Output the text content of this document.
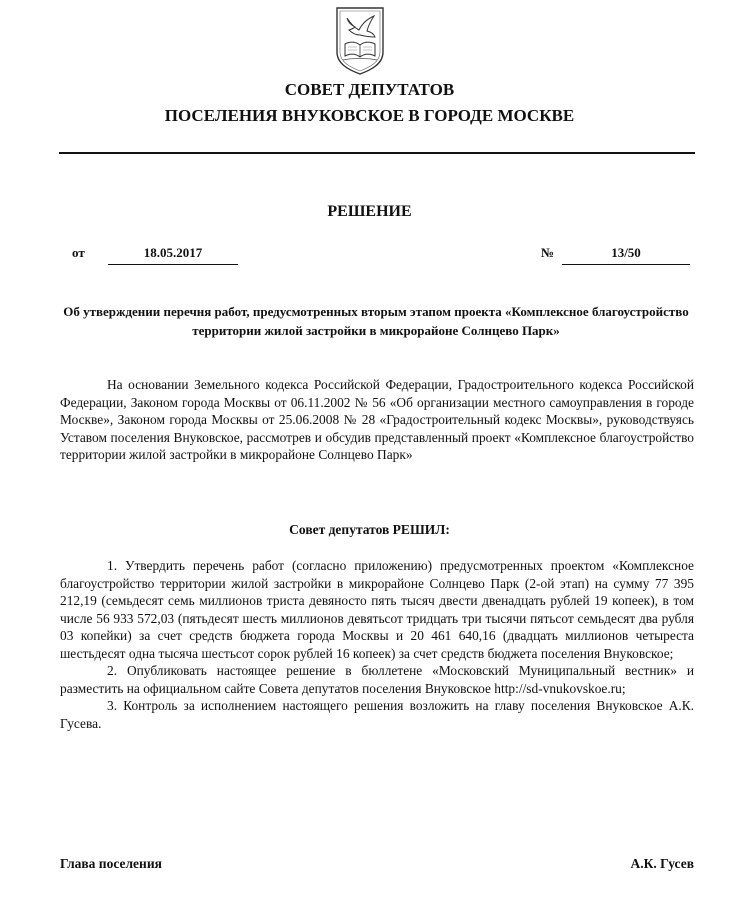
СОВЕТ ДЕПУТАТОВ
ПОСЕЛЕНИЯ ВНУКОВСКОЕ В ГОРОДЕ МОСКВЕ
РЕШЕНИЕ
от	18.05.2017	№	13/50
Об утверждении перечня работ, предусмотренных вторым этапом проекта «Комплексное благоустройство территории жилой застройки в микрорайоне Солнцево Парк»
На основании Земельного кодекса Российской Федерации, Градостроительного кодекса Российской Федерации, Законом города Москвы от 06.11.2002 № 56 «Об организации местного самоуправления в городе Москве», Законом города Москвы от 25.06.2008 № 28 «Градостроительный кодекс Москвы», руководствуясь Уставом поселения Внуковское, рассмотрев и обсудив представленный проект «Комплексное благоустройство территории жилой застройки в микрорайоне Солнцево Парк»
Совет депутатов РЕШИЛ:

1. Утвердить перечень работ (согласно приложению) предусмотренных проектом «Комплексное благоустройство территории жилой застройки в микрорайоне Солнцево Парк (2-ой этап) на сумму 77 395 212,19 (семьдесят семь миллионов триста девяносто пять тысяч двести двенадцать рублей 19 копеек), в том числе 56 933 572,03 (пятьдесят шесть миллионов девятьсот тридцать три тысячи пятьсот семьдесят два рубля 03 копейки) за счет средств бюджета города Москвы и 20 461 640,16 (двадцать миллионов четыреста шестьдесят одна тысяча шестьсот сорок рублей 16 копеек) за счет средств бюджета поселения Внуковское;

2. Опубликовать настоящее решение в бюллетене «Московский Муниципальный вестник» и разместить на официальном сайте Совета депутатов поселения Внуковское http://sd-vnukovskoe.ru;

3. Контроль за исполнением настоящего решения возложить на главу поселения Внуковское А.К. Гусева.

Глава поселения	А.К. Гусев
